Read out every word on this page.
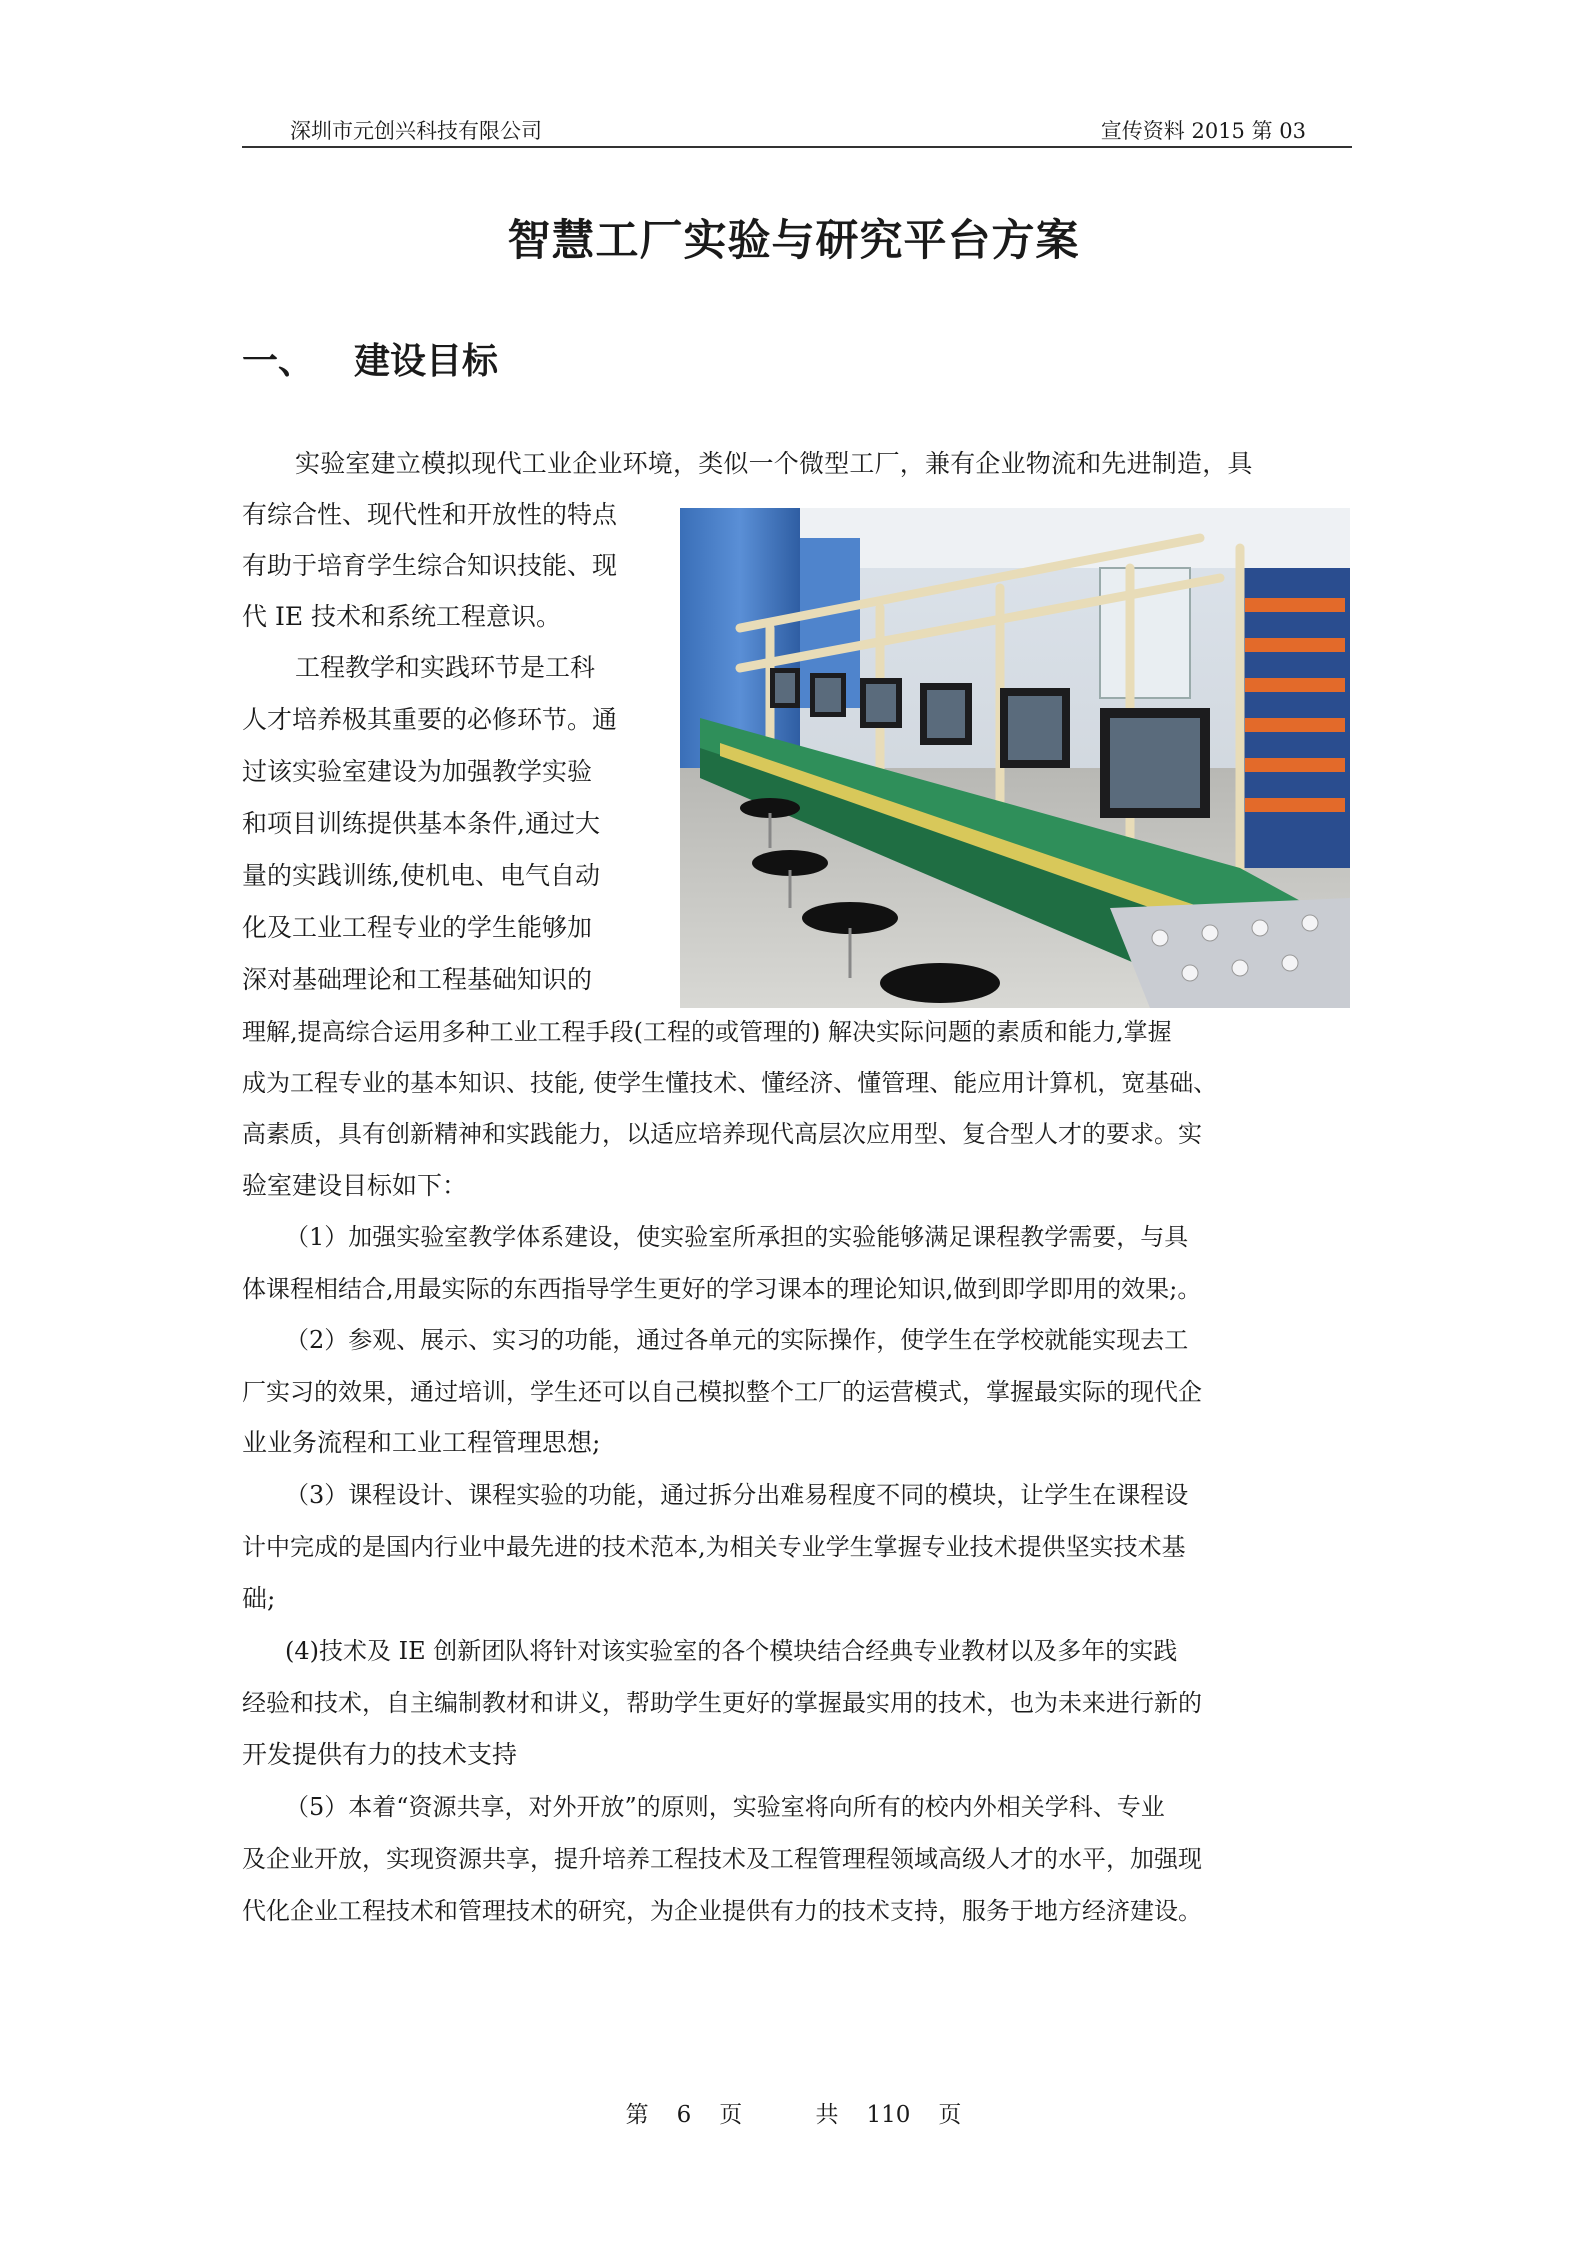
深圳市元创兴科技有限公司	宣传资料 2015 第 03
智慧工厂实验与研究平台方案
一、 建设目标
实验室建立模拟现代工业企业环境，类似一个微型工厂，兼有企业物流和先进制造，具
有综合性、现代性和开放性的特点
有助于培育学生综合知识技能、现
代 IE 技术和系统工程意识。
工程教学和实践环节是工科
人才培养极其重要的必修环节。通
过该实验室建设为加强教学实验
和项目训练提供基本条件,通过大
量的实践训练,使机电、电气自动
化及工业工程专业的学生能够加
深对基础理论和工程基础知识的
理解,提高综合运用多种工业工程手段(工程的或管理的) 解决实际问题的素质和能力,掌握
成为工程专业的基本知识、技能, 使学生懂技术、懂经济、懂管理、能应用计算机，宽基础、
高素质，具有创新精神和实践能力，以适应培养现代高层次应用型、复合型人才的要求。实
验室建设目标如下：
（1）加强实验室教学体系建设，使实验室所承担的实验能够满足课程教学需要，与具
体课程相结合,用最实际的东西指导学生更好的学习课本的理论知识,做到即学即用的效果;。
（2）参观、展示、实习的功能，通过各单元的实际操作，使学生在学校就能实现去工
厂实习的效果，通过培训，学生还可以自己模拟整个工厂的运营模式，掌握最实际的现代企
业业务流程和工业工程管理思想;
（3）课程设计、课程实验的功能，通过拆分出难易程度不同的模块，让学生在课程设
计中完成的是国内行业中最先进的技术范本,为相关专业学生掌握专业技术提供坚实技术基
础;
(4)技术及 IE 创新团队将针对该实验室的各个模块结合经典专业教材以及多年的实践
经验和技术，自主编制教材和讲义，帮助学生更好的掌握最实用的技术，也为未来进行新的
开发提供有力的技术支持
（5）本着“资源共享，对外开放”的原则，实验室将向所有的校内外相关学科、专业
及企业开放，实现资源共享，提升培养工程技术及工程管理程领域高级人才的水平，加强现
代化企业工程技术和管理技术的研究，为企业提供有力的技术支持，服务于地方经济建设。
第 6 页	共 110 页
